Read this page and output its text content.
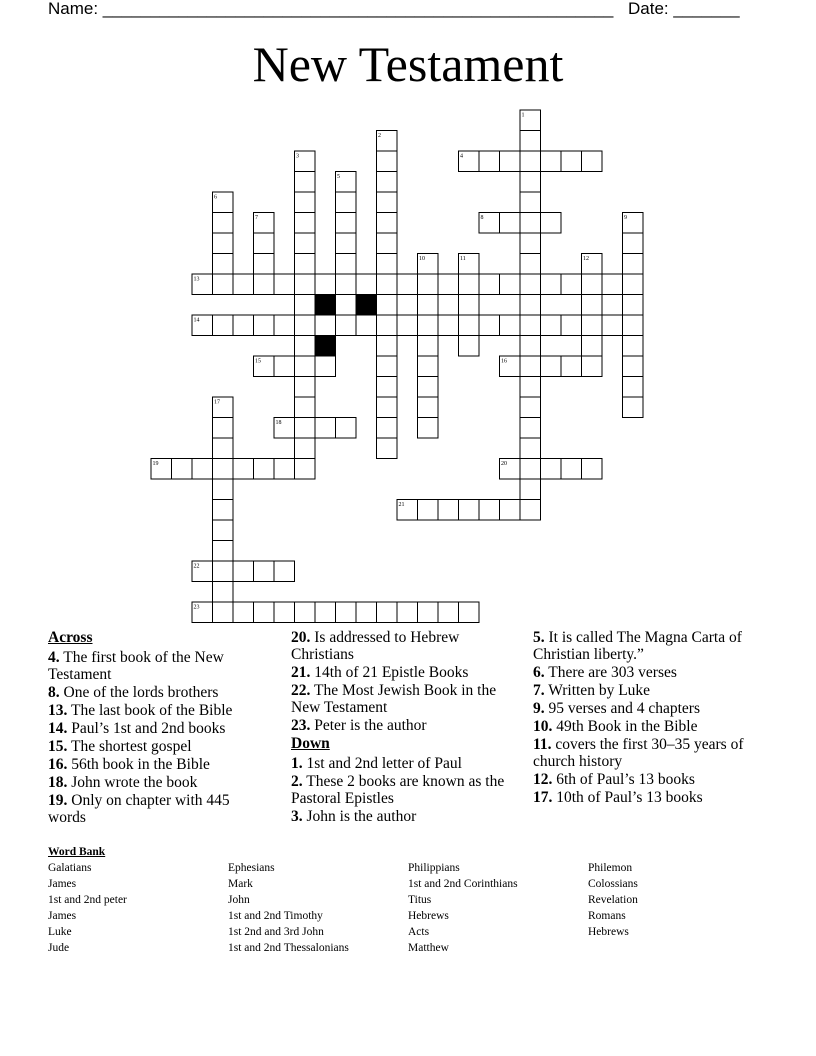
Name: ______________________________________________________ Date: _______
New Testament
4
8
13
14
15	16
18
19	20
21
22
23
1
2
3
5
6
7	9
10	11	12
17
Across
4. The first book of the New Testament
8. One of the lords brothers
13. The last book of the Bible
14. Paul’s 1st and 2nd books
15. The shortest gospel
16. 56th book in the Bible
18. John wrote the book
19. Only on chapter with 445 words
20. Is addressed to Hebrew Christians
21. 14th of 21 Epistle Books
22. The Most Jewish Book in the New Testament
23. Peter is the author
Down
1. 1st and 2nd letter of Paul
2. These 2 books are known as the Pastoral Epistles
3. John is the author
5. It is called The Magna Carta of Christian liberty.”
6. There are 303 verses
7. Written by Luke
9. 95 verses and 4 chapters
10. 49th Book in the Bible
11. covers the first 30–35 years of church history
12. 6th of Paul’s 13 books
17. 10th of Paul’s 13 books
Word Bank
Galatians	Ephesians	Philippians	Philemon
James	Mark	1st and 2nd Corinthians	Colossians
1st and 2nd peter	John	Titus	Revelation
James	1st and 2nd Timothy	Hebrews	Romans
Luke	1st 2nd and 3rd John	Acts	Hebrews
Jude	1st and 2nd Thessalonians	Matthew
